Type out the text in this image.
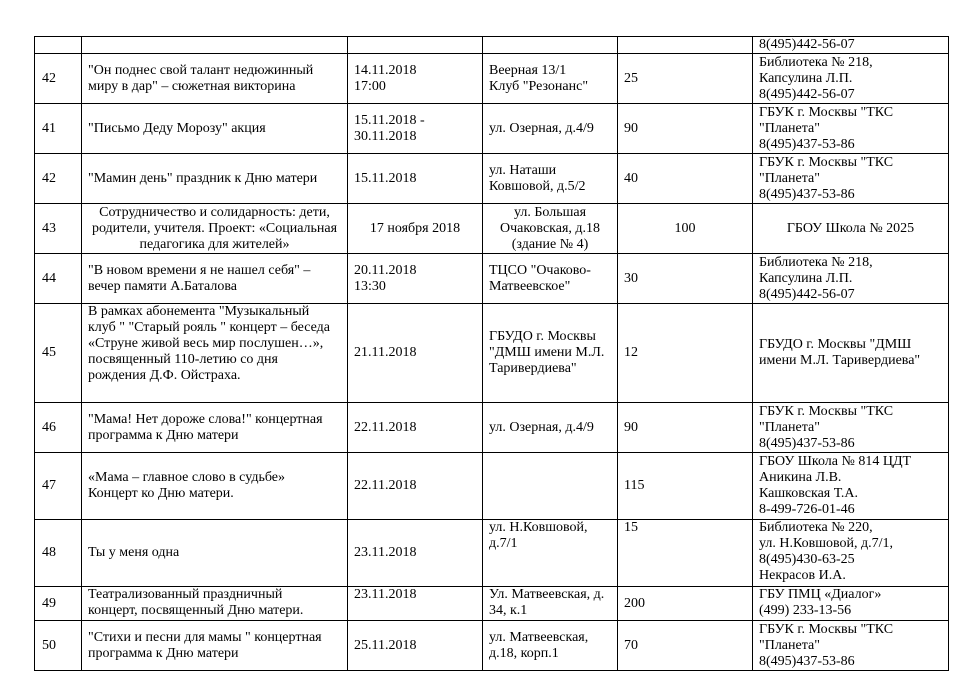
					8(495)442-56-07
42	"Он поднес свой талант недюжинный
миру в дар" – сюжетная викторина	14.11.2018
17:00	Веерная 13/1
Клуб "Резонанс"	25	Библиотека № 218,
Капсулина Л.П.
8(495)442-56-07
41	"Письмо Деду Морозу" акция	15.11.2018 -
30.11.2018	ул. Озерная, д.4/9	90	ГБУК г. Москвы "ТКС
"Планета"
8(495)437-53-86
42	"Мамин день" праздник к Дню матери	15.11.2018	ул. Наташи
Ковшовой, д.5/2	40	ГБУК г. Москвы "ТКС
"Планета"
8(495)437-53-86
43	Сотрудничество и солидарность: дети,
родители, учителя. Проект: «Социальная
педагогика для жителей»	17 ноября 2018	ул. Большая
Очаковская, д.18
(здание № 4)	100	ГБОУ Школа № 2025
44	"В новом времени я не нашел себя" –
вечер памяти А.Баталова	20.11.2018
13:30	ТЦСО "Очаково-
Матвеевское"	30	Библиотека № 218,
Капсулина Л.П.
8(495)442-56-07
45	В рамках абонемента "Музыкальный
клуб " "Старый рояль " концерт – беседа
«Струне живой весь мир послушен…»,
посвященный 110-летию со дня
рождения Д.Ф. Ойстраха.	21.11.2018	ГБУДО г. Москвы
"ДМШ имени М.Л.
Таривердиева"	12	ГБУДО г. Москвы "ДМШ
имени М.Л. Таривердиева"
46	"Мама! Нет дороже слова!" концертная
программа к Дню матери	22.11.2018	ул. Озерная, д.4/9	90	ГБУК г. Москвы "ТКС
"Планета"
8(495)437-53-86
47	«Мама – главное слово в судьбе»
Концерт ко Дню матери.	22.11.2018		115	ГБОУ Школа № 814 ЦДТ
Аникина Л.В.
Кашковская Т.А.
8-499-726-01-46
48	Ты у меня одна	23.11.2018	ул. Н.Ковшовой,
д.7/1	15	Библиотека № 220,
ул. Н.Ковшовой, д.7/1,
8(495)430-63-25
Некрасов И.А.
49	Театрализованный праздничный
концерт, посвященный Дню матери.	23.11.2018	Ул. Матвеевская, д.
34, к.1	200	ГБУ ПМЦ «Диалог»
(499) 233-13-56
50	"Стихи и песни для мамы " концертная
программа к Дню матери	25.11.2018	ул. Матвеевская,
д.18, корп.1	70	ГБУК г. Москвы "ТКС
"Планета"
8(495)437-53-86
